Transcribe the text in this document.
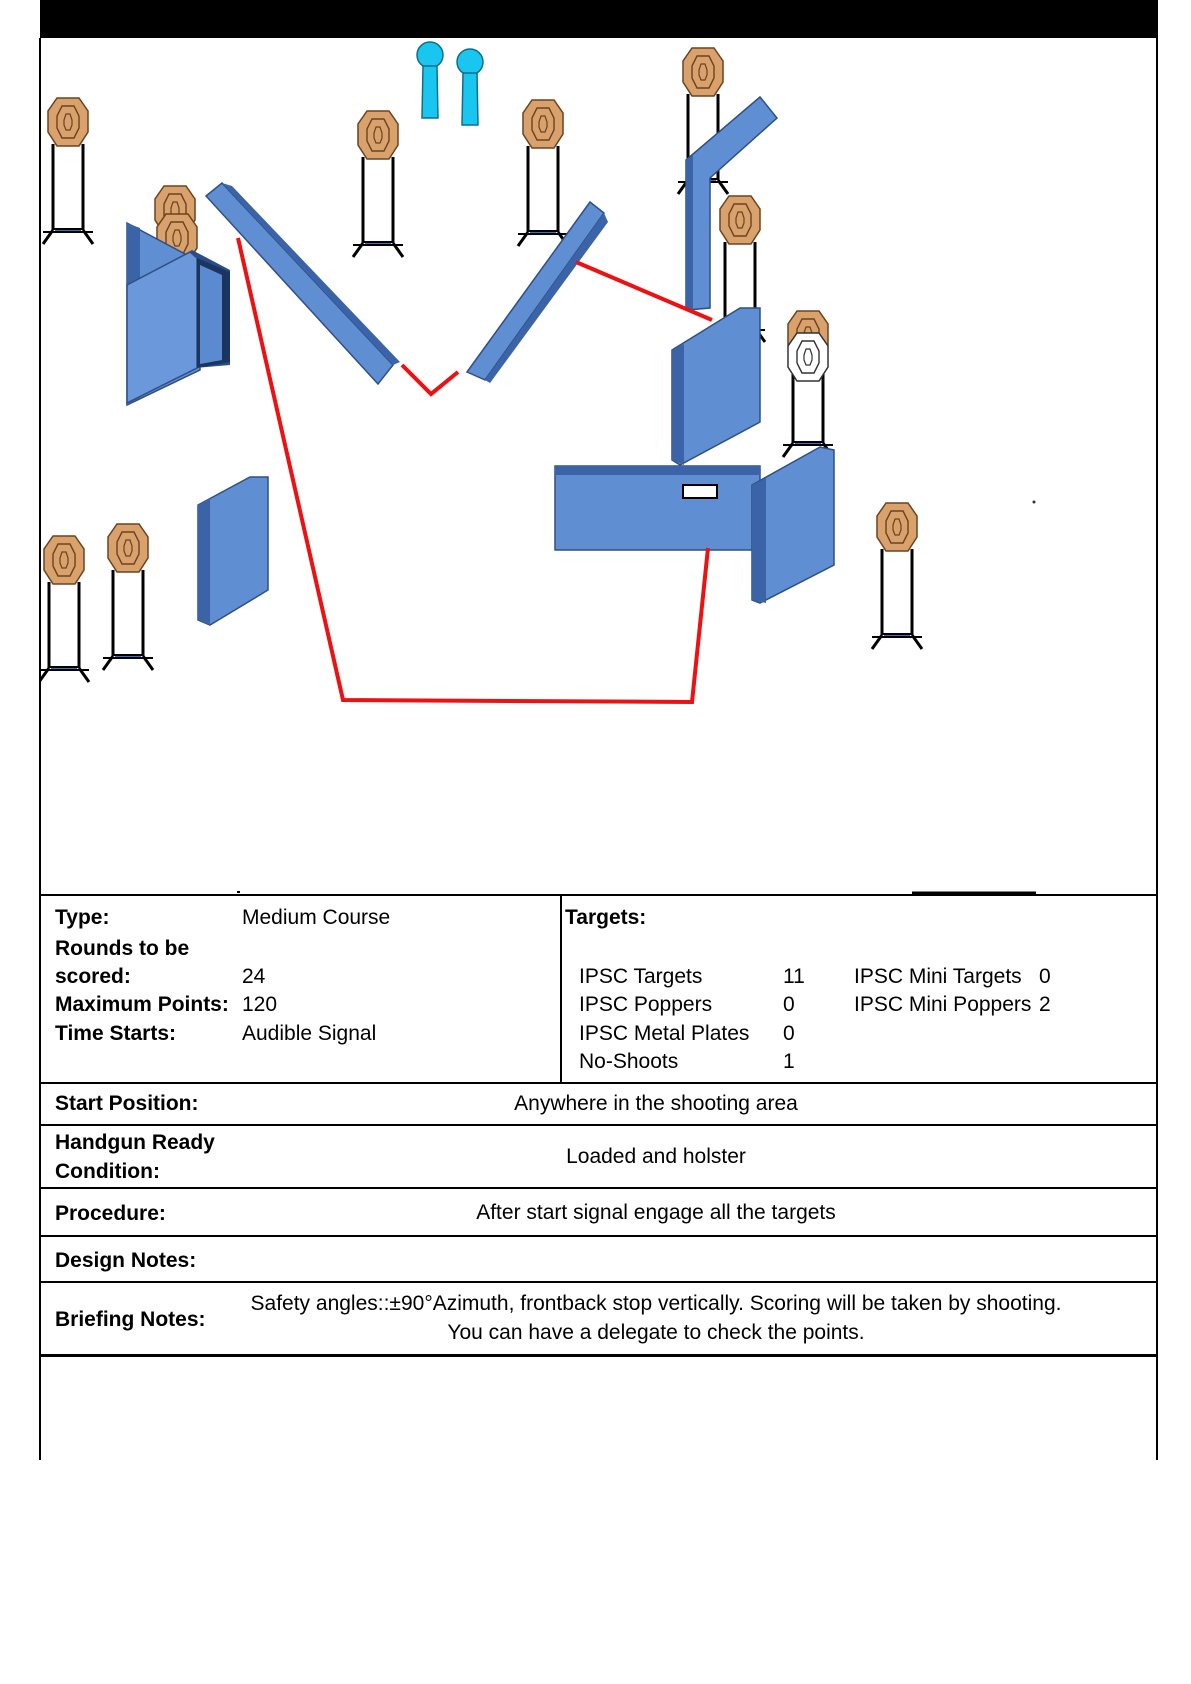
Type:	Medium Course
Rounds to be
scored:	24
Maximum Points: 120
Time Starts:	Audible Signal
Targets:
IPSC Targets	11
IPSC Poppers	0
IPSC Metal Plates 0
No-Shoots	1
IPSC Mini Targets 0
IPSC Mini Poppers 2
Start Position:	Anywhere in the shooting area
Handgun Ready
Condition:
Loaded and holster
Procedure:	After start signal engage all the targets
Design Notes:
Briefing Notes:
Safety angles::±90°Azimuth, frontback stop vertically. Scoring will be taken by shooting.
You can have a delegate to check the points.
